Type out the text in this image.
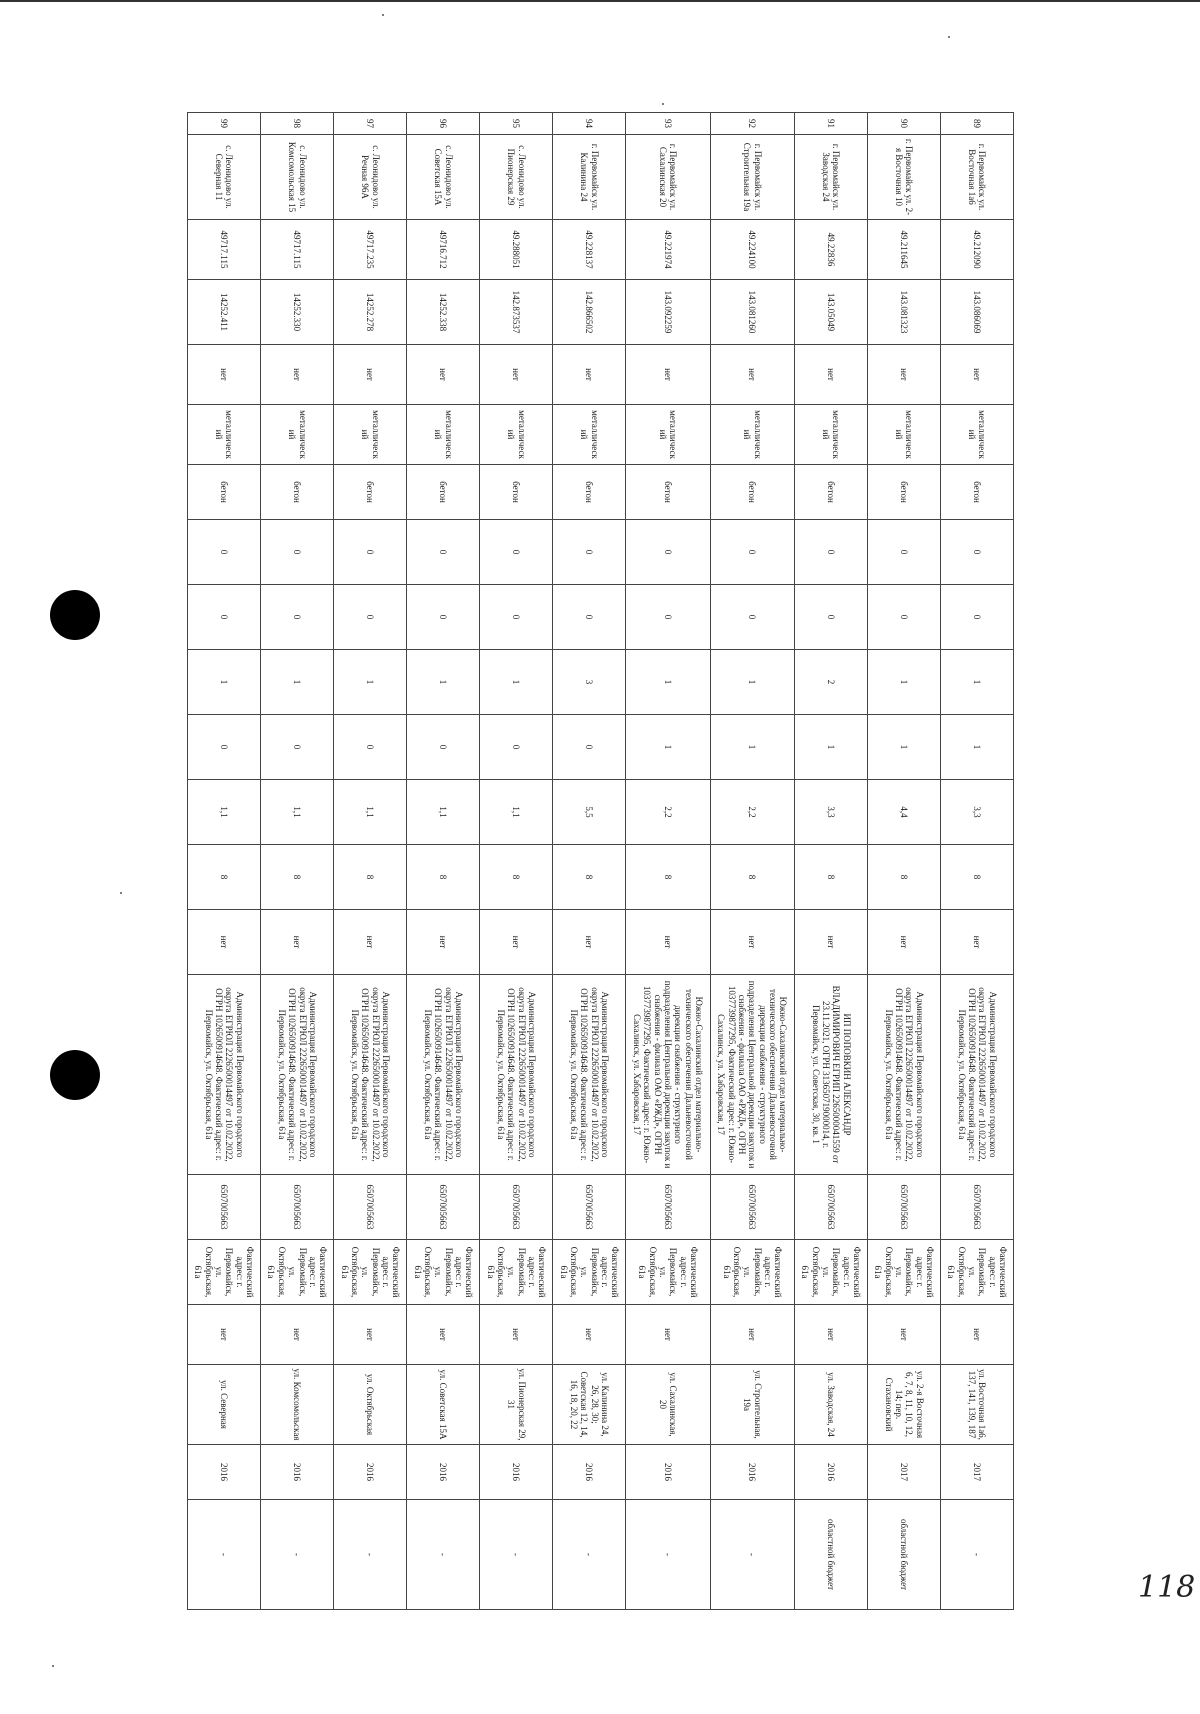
89	г. Первомайск ул. Восточная 1а6	49.212090	143.086069	нет	металлический	бетон	0	0	1	1	3,3	8	нет	Администрация Первомайского городского округа ЕГРЮЛ 2226500014497 от 10.02.2022, ОГРН 1026500914648. Фактический адрес: г. Первомайск, ул. Октябрьская, 61а	6507005663	Фактический адрес: г. Первомайск, ул. Октябрьская, 61а	нет	ул. Восточная 1а6, 137, 141, 139, 187	2017	-
90	г. Первомайск ул. 2-я Восточная 10	49.211645	143.081323	нет	металлический	бетон	0	0	1	1	4,4	8	нет	Администрация Первомайского городского округа ЕГРЮЛ 2226500014497 от 10.02.2022, ОГРН 1026500914648. Фактический адрес: г. Первомайск, ул. Октябрьская, 61а	6507005663	Фактический адрес: г. Первомайск, ул. Октябрьская, 61а	нет	ул. 2-я Восточная 6, 7, 8, 11, 10, 12, 14; пер. Стахановский	2017	областной бюджет
91	г. Первомайск ул. Заводская 24	49.22836	143.05049	нет	металлический	бетон	0	0	2	1	3,3	8	нет	ИП ПОПОВКИН АЛЕКСАНДР ВЛАДИМИРОВИЧ ЕГРИП 2265000041559 от 23.11.2021, ОГРН 313650719000014, г. Первомайск, ул. Советская, 30, кв. 1	6507005663	Фактический адрес: г. Первомайск, ул. Октябрьская, 61а	нет	ул. Заводская, 24	2016	областной бюджет
92	г. Первомайск ул. Строительная 19а	49.224100	143.081260	нет	металлический	бетон	0	0	1	1	2,2	8	нет	Южно-Сахалинский отдел материально-технического обеспечения Дальневосточной дирекции снабжения - структурного подразделения Центральной дирекции закупок и снабжения - филиала ОАО «РЖД», ОГРН 1037739877295, Фактический адрес: г. Южно-Сахалинск, ул. Хабаровская, 17	6507005663	Фактический адрес: г. Первомайск, ул. Октябрьская, 61а	нет	ул. Строительная, 19а	2016	-
93	г. Первомайск ул. Сахалинская 20	49.221974	143.092259	нет	металлический	бетон	0	0	1	1	2,2	8	нет	Южно-Сахалинский отдел материально-технического обеспечения Дальневосточной дирекции снабжения - структурного подразделения Центральной дирекции закупок и снабжения - филиала ОАО «РЖД», ОГРН 1037739877295, Фактический адрес: г. Южно-Сахалинск, ул. Хабаровская, 17	6507005663	Фактический адрес: г. Первомайск, ул. Октябрьская, 61а	нет	ул. Сахалинская, 20	2016	-
94	г. Первомайск ул. Калинина 24	49.228137	142.866502	нет	металлический	бетон	0	0	3	0	5,5	8	нет	Администрация Первомайского городского округа ЕГРЮЛ 2226500014497 от 10.02.2022, ОГРН 1026500914648. Фактический адрес: г. Первомайск, ул. Октябрьская, 61а	6507005663	Фактический адрес: г. Первомайск, ул. Октябрьская, 61а	нет	ул. Калинина 24, 26, 28, 30; Советская 12, 14, 16, 18, 20, 22	2016	-
95	с. Леонидово ул. Пионерская 29	49.288051	142.873537	нет	металлический	бетон	0	0	1	0	1,1	8	нет	Администрация Первомайского городского округа ЕГРЮЛ 2226500014497 от 10.02.2022, ОГРН 1026500914648. Фактический адрес: г. Первомайск, ул. Октябрьская, 61а	6507005663	Фактический адрес: г. Первомайск, ул. Октябрьская, 61а	нет	ул. Пионерская 29, 31	2016	-
96	с. Леонидово ул. Советская 15А	49716.712	14252.338	нет	металлический	бетон	0	0	1	0	1,1	8	нет	Администрация Первомайского городского округа ЕГРЮЛ 2226500014497 от 10.02.2022, ОГРН 1026500914648. Фактический адрес: г. Первомайск, ул. Октябрьская, 61а	6507005663	Фактический адрес: г. Первомайск, ул. Октябрьская, 61а	нет	ул. Советская 15А	2016	-
97	с. Леонидово ул. Речная 96А	49717.235	14252.278	нет	металлический	бетон	0	0	1	0	1,1	8	нет	Администрация Первомайского городского округа ЕГРЮЛ 2226500014497 от 10.02.2022, ОГРН 1026500914648. Фактический адрес: г. Первомайск, ул. Октябрьская, 61а	6507005663	Фактический адрес: г. Первомайск, ул. Октябрьская, 61а	нет	ул. Октябрьская	2016	-
98	с. Леонидово ул. Комсомольская 15	49717.115	14252.330	нет	металлический	бетон	0	0	1	0	1,1	8	нет	Администрация Первомайского городского округа ЕГРЮЛ 2226500014497 от 10.02.2022, ОГРН 1026500914648. Фактический адрес: г. Первомайск, ул. Октябрьская, 61а	6507005663	Фактический адрес: г. Первомайск, ул. Октябрьская, 61а	нет	ул. Комсомольская	2016	-
99	с. Леонидово ул. Северная 11	49717.115	14252.411	нет	металлический	бетон	0	0	1	0	1,1	8	нет	Администрация Первомайского городского округа ЕГРЮЛ 2226500014497 от 10.02.2022, ОГРН 1026500914648. Фактический адрес: г. Первомайск, ул. Октябрьская, 61а	6507005663	Фактический адрес: г. Первомайск, ул. Октябрьская, 61а	нет	ул. Северная	2016	-
118
